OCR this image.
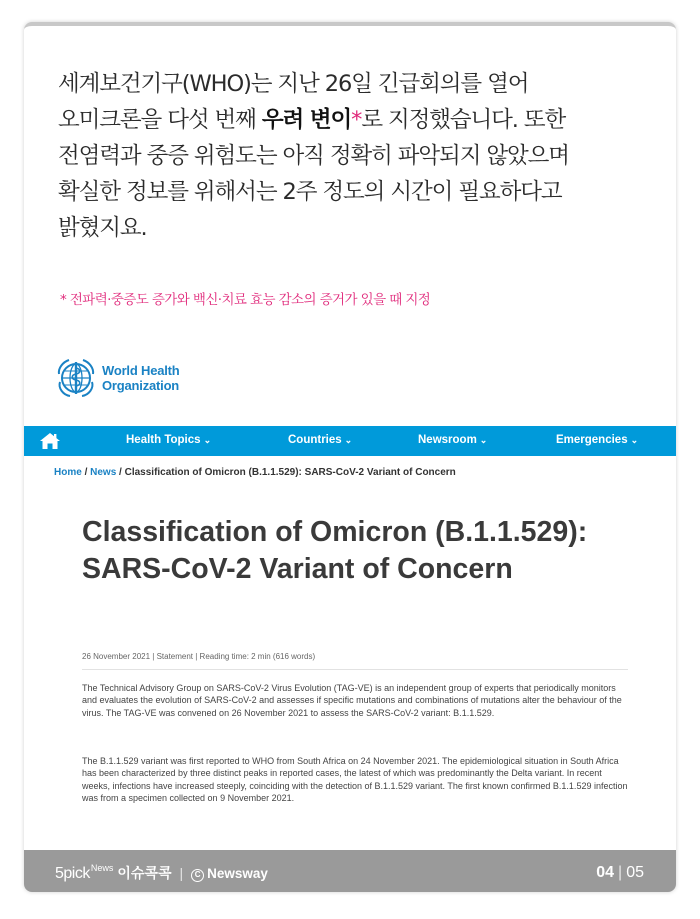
세계보건기구(WHO)는 지난 26일 긴급회의를 열어
오미크론을 다섯 번째 우려 변이*로 지정했습니다. 또한
전염력과 중증 위험도는 아직 정확히 파악되지 않았으며
확실한 정보를 위해서는 2주 정도의 시간이 필요하다고
밝혔지요.
* 전파력·중증도 증가와 백신·치료 효능 감소의 증거가 있을 때 지정
World Health
Organization
Health Topics ⌄	Countries ⌄	Newsroom ⌄	Emergencies ⌄
Home / News / Classification of Omicron (B.1.1.529): SARS-CoV-2 Variant of Concern
Classification of Omicron (B.1.1.529): SARS-CoV-2 Variant of Concern
26 November 2021 | Statement | Reading time: 2 min (616 words)

The Technical Advisory Group on SARS-CoV-2 Virus Evolution (TAG-VE) is an independent group of experts that periodically monitors and evaluates the evolution of SARS-CoV-2 and assesses if specific mutations and combinations of mutations alter the behaviour of the virus. The TAG-VE was convened on 26 November 2021 to assess the SARS-CoV-2 variant: B.1.1.529.

The B.1.1.529 variant was first reported to WHO from South Africa on 24 November 2021. The epidemiological situation in South Africa has been characterized by three distinct peaks in reported cases, the latest of which was predominantly the Delta variant. In recent weeks, infections have increased steeply, coinciding with the detection of B.1.1.529 variant. The first known confirmed B.1.1.529 infection was from a specimen collected on 9 November 2021.

5pick News 이슈콕콕 |	C Newsway	04 | 05
